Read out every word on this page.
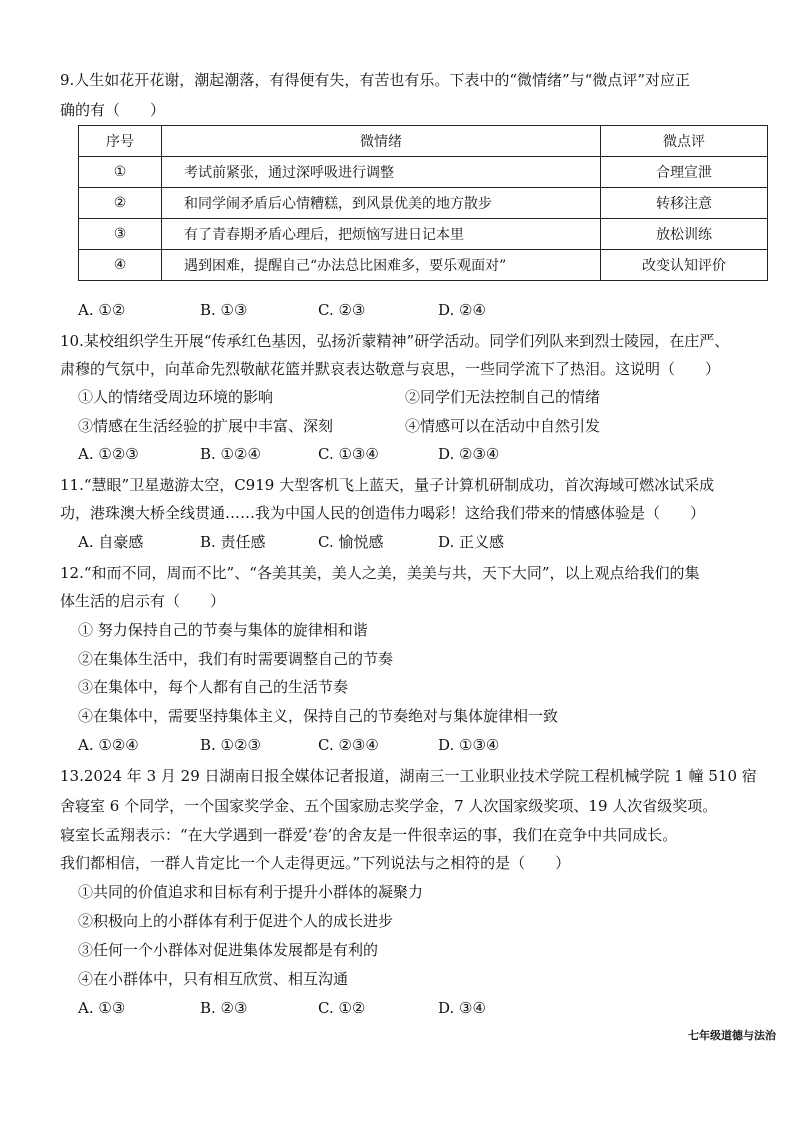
9.人生如花开花谢，潮起潮落，有得便有失，有苦也有乐。下表中的“微情绪”与“微点评”对应正
确的有（　　）
序号	微情绪	微点评
①	考试前紧张，通过深呼吸进行调整	合理宣泄
②	和同学闹矛盾后心情糟糕，到风景优美的地方散步	转移注意
③	有了青春期矛盾心理后，把烦恼写进日记本里	放松训练
④	遇到困难，提醒自己“办法总比困难多，要乐观面对”	改变认知评价
A. ①②	B. ①③	C. ②③	D. ②④
10.某校组织学生开展“传承红色基因，弘扬沂蒙精神”研学活动。同学们列队来到烈士陵园，在庄严、
肃穆的气氛中，向革命先烈敬献花篮并默哀表达敬意与哀思，一些同学流下了热泪。这说明（　　）
①人的情绪受周边环境的影响	②同学们无法控制自己的情绪
③情感在生活经验的扩展中丰富、深刻	④情感可以在活动中自然引发
A. ①②③	B. ①②④	C. ①③④	D. ②③④
11.“慧眼”卫星遨游太空，C919 大型客机飞上蓝天，量子计算机研制成功，首次海域可燃冰试采成
功，港珠澳大桥全线贯通……我为中国人民的创造伟力喝彩！这给我们带来的情感体验是（　　）
A. 自豪感	B. 责任感	C. 愉悦感	D. 正义感
12.“和而不同，周而不比”、“各美其美，美人之美，美美与共，天下大同”，以上观点给我们的集
体生活的启示有（　　）
① 努力保持自己的节奏与集体的旋律相和谐
②在集体生活中，我们有时需要调整自己的节奏
③在集体中，每个人都有自己的生活节奏
④在集体中，需要坚持集体主义，保持自己的节奏绝对与集体旋律相一致
A. ①②④	B. ①②③	C. ②③④	D. ①③④
13.2024 年 3 月 29 日湖南日报全媒体记者报道，湖南三一工业职业技术学院工程机械学院 1 幢 510 宿
舍寝室 6 个同学，一个国家奖学金、五个国家励志奖学金，7 人次国家级奖项、19 人次省级奖项。
寝室长孟翔表示：“在大学遇到一群爱‘卷’的舍友是一件很幸运的事，我们在竞争中共同成长。
我们都相信，一群人肯定比一个人走得更远。”下列说法与之相符的是（　　）
①共同的价值追求和目标有利于提升小群体的凝聚力
②积极向上的小群体有利于促进个人的成长进步
③任何一个小群体对促进集体发展都是有利的
④在小群体中，只有相互欣赏、相互沟通
A. ①③	B. ②③	C. ①②	D. ③④
七年级道德与法治
